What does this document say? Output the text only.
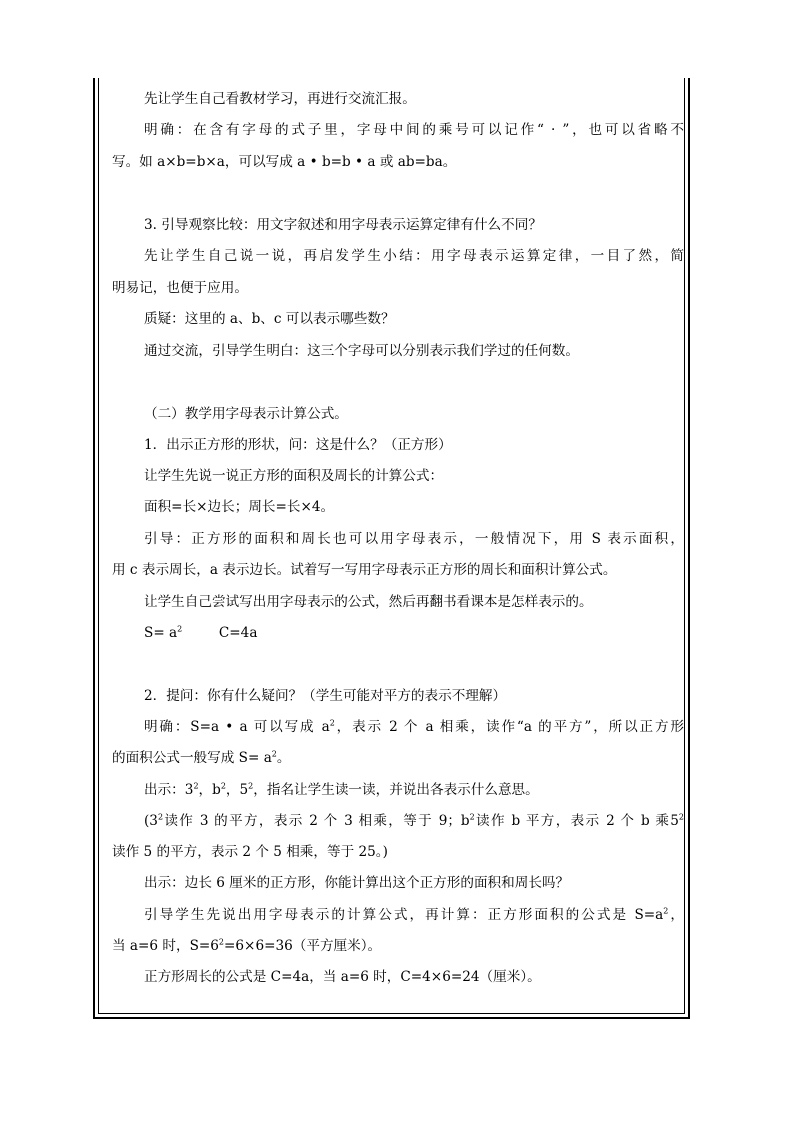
先让学生自己看教材学习，再进行交流汇报。
明确：在含有字母的式子里，字母中间的乘号可以记作“ · ”，也可以省略不
写。如 a×b=b×a，可以写成 a • b=b • a 或 ab=ba。
3. 引导观察比较：用文字叙述和用字母表示运算定律有什么不同？
先让学生自己说一说，再启发学生小结：用字母表示运算定律，一目了然，简
明易记，也便于应用。
质疑：这里的 a、b、c 可以表示哪些数？
通过交流，引导学生明白：这三个字母可以分别表示我们学过的任何数。
（二）教学用字母表示计算公式。
1．出示正方形的形状，问：这是什么？（正方形）
让学生先说一说正方形的面积及周长的计算公式：
面积=长×边长；周长=长×4。
引导：正方形的面积和周长也可以用字母表示，一般情况下，用 S 表示面积，
用 c 表示周长，a 表示边长。试着写一写用字母表示正方形的周长和面积计算公式。
让学生自己尝试写出用字母表示的公式，然后再翻书看课本是怎样表示的。
$S= a^2$	C=4a
2．提问：你有什么疑问？（学生可能对平方的表示不理解）
明确：S=a • a 可以写成 $a^2$，表示 2 个 a 相乘，读作“a 的平方”，所以正方形
的面积公式一般写成 $S= a^2$。
出示：$3^2$，$b^2$，$5^2$，指名让学生读一读，并说出各表示什么意思。
($3^2$读作 3 的平方，表示 2 个 3 相乘，等于 9；$b^2$读作 b 平方，表示 2 个 b 乘$5^2$
读作 5 的平方，表示 2 个 5 相乘，等于 25。)
出示：边长 6 厘米的正方形，你能计算出这个正方形的面积和周长吗？
引导学生先说出用字母表示的计算公式，再计算：正方形面积的公式是 $S=a^2$，
当 a=6 时，$S=6^2=6\times 6=36$（平方厘米）。
正方形周长的公式是 C=4a，当 a=6 时，C=4×6=24（厘米）。
